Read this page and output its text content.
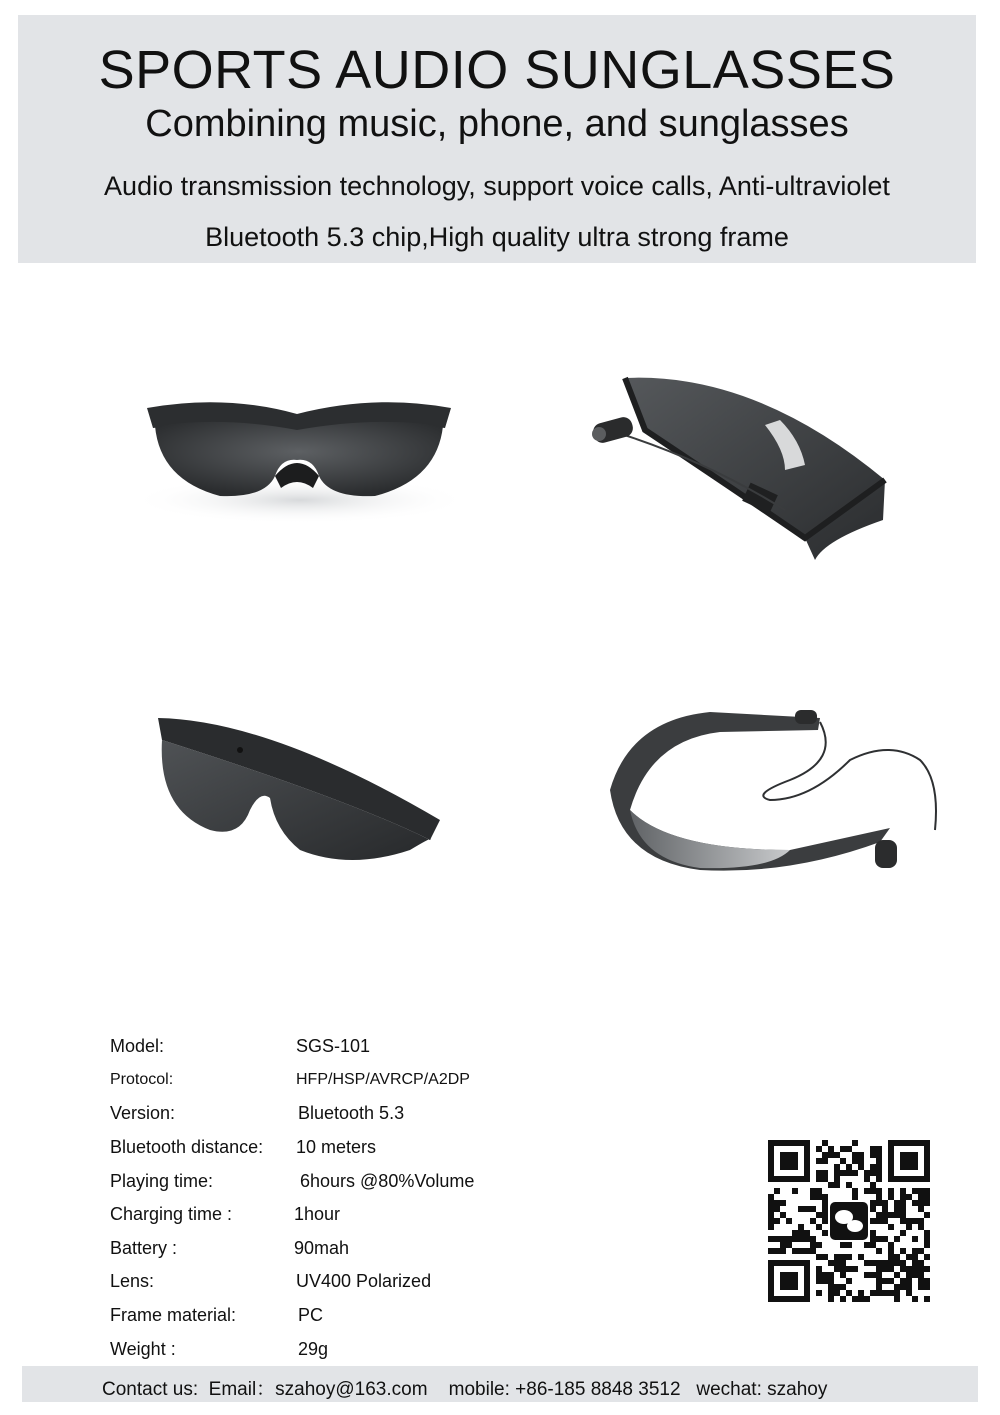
SPORTS AUDIO SUNGLASSES
Combining music, phone, and sunglasses
Audio transmission technology, support voice calls, Anti-ultraviolet
Bluetooth 5.3 chip,High quality ultra strong frame
Model:	SGS-101
Protocol:	HFP/HSP/AVRCP/A2DP
Version:	Bluetooth 5.3
Bluetooth distance: 10 meters
Playing time:	6hours @80%Volume
Charging time :	1hour
Battery :	90mah
Lens:	UV400 Polarized
Frame material:	PC
Weight :	29g
Contact us:  Email：szahoy@163.com    mobile: +86-185 8848 3512   wechat: szahoy
